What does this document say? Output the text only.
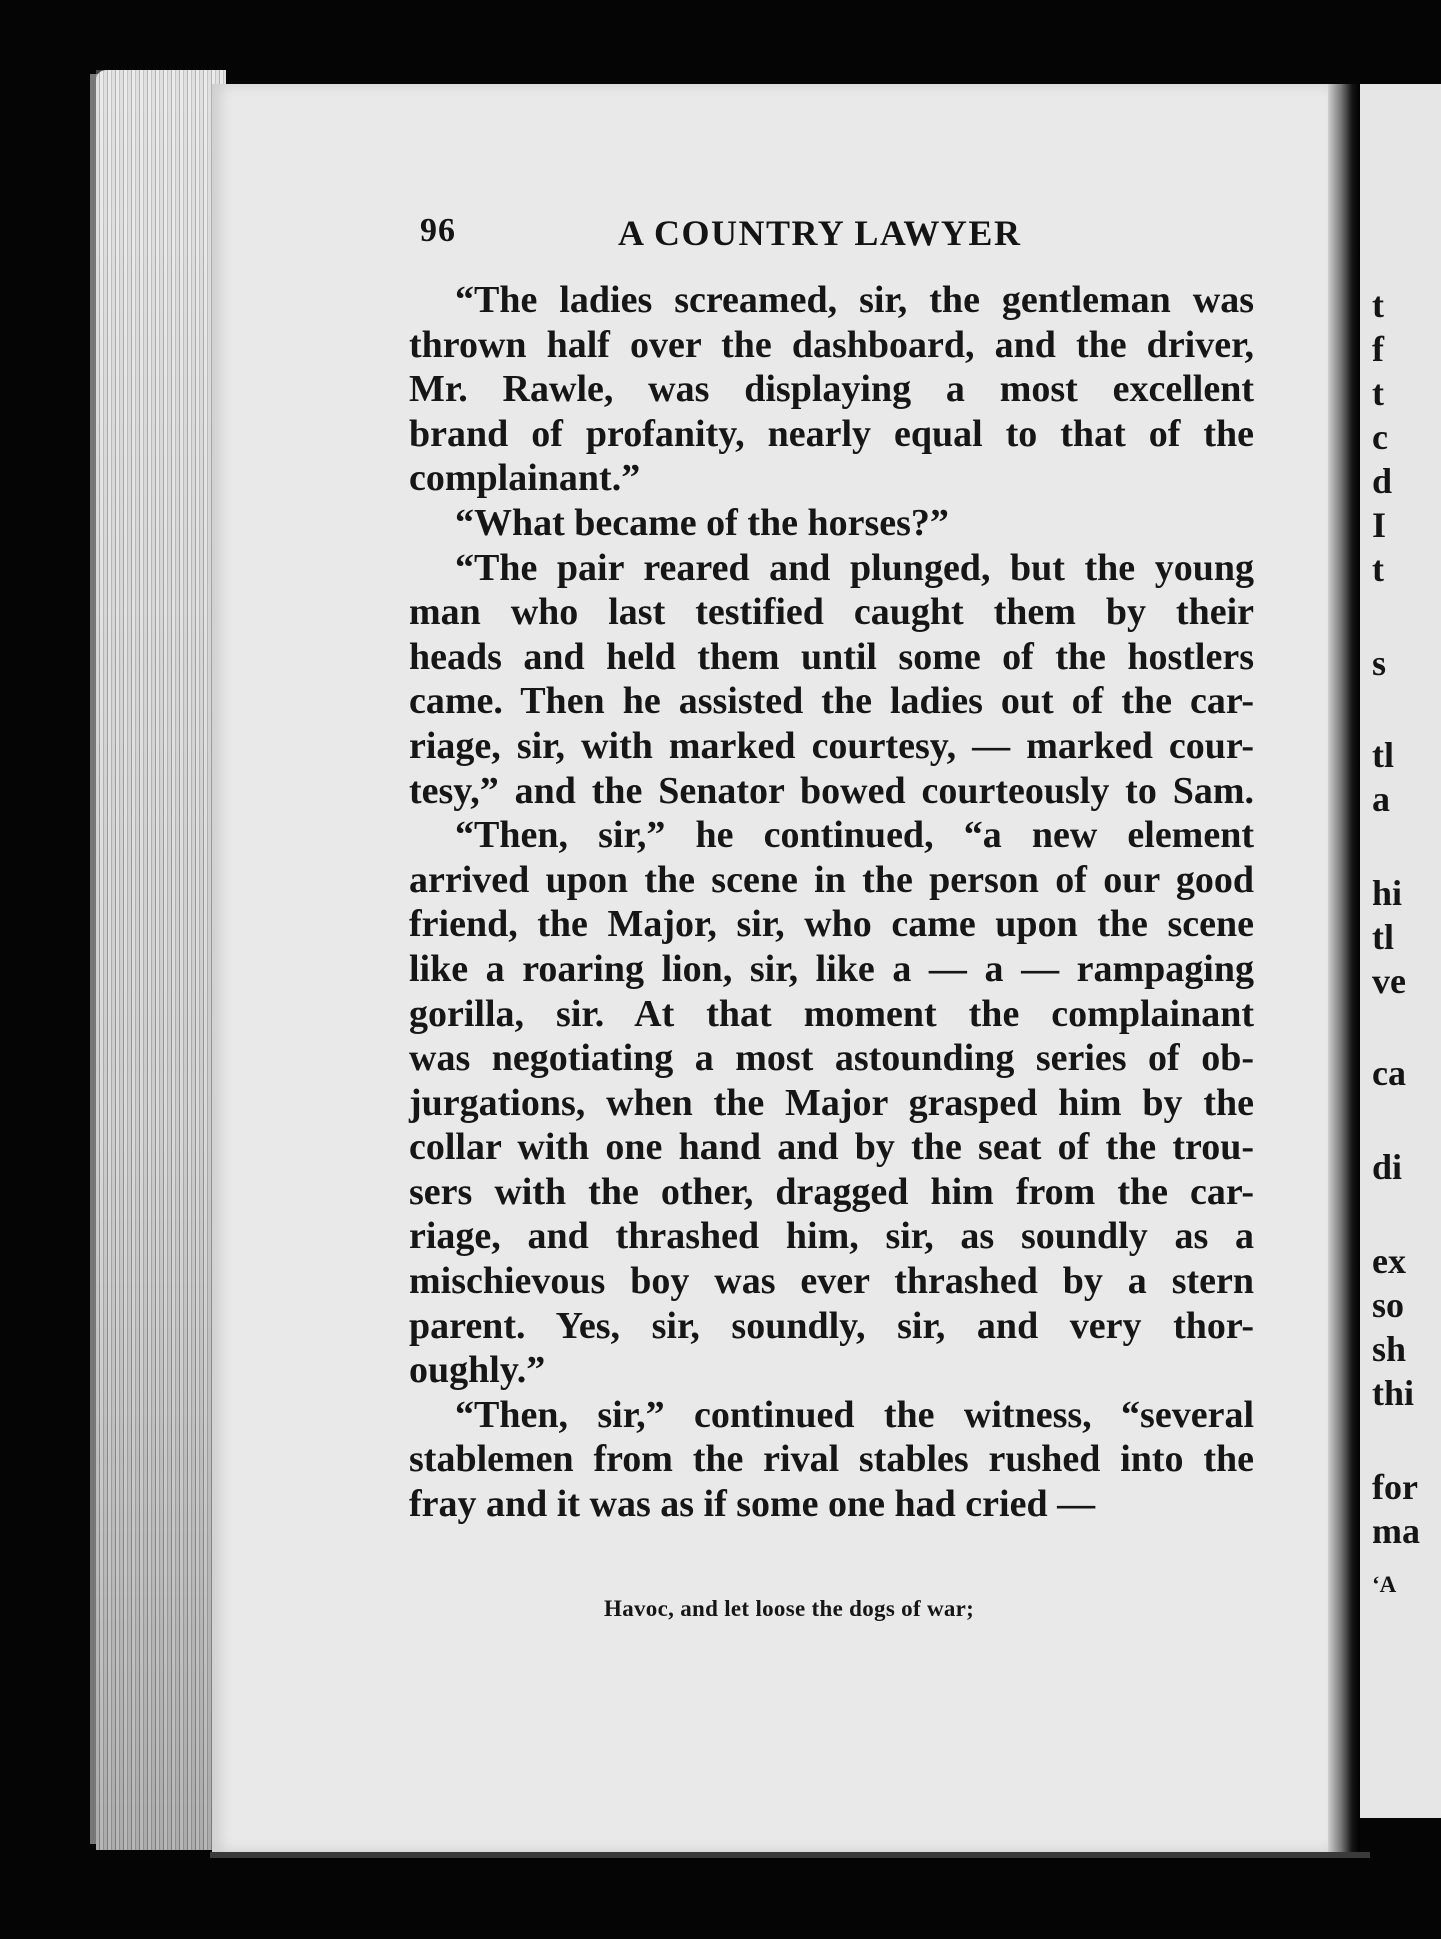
t
f
t
c
d
I
t
s
tl
a
hi
tl
ve
ca
di
ex
so
sh
thi
for
ma
‘A
96	A COUNTRY LAWYER
“The ladies screamed, sir, the gentleman was
thrown half over the dashboard, and the driver,
Mr. Rawle, was displaying a most excellent
brand of profanity, nearly equal to that of the
complainant.”
“What became of the horses?”
“The pair reared and plunged, but the young
man who last testified caught them by their
heads and held them until some of the hostlers
came. Then he assisted the ladies out of the car-
riage, sir, with marked courtesy, — marked cour-
tesy,” and the Senator bowed courteously to Sam.
“Then, sir,” he continued, “a new element
arrived upon the scene in the person of our good
friend, the Major, sir, who came upon the scene
like a roaring lion, sir, like a — a — rampaging
gorilla, sir. At that moment the complainant
was negotiating a most astounding series of ob-
jurgations, when the Major grasped him by the
collar with one hand and by the seat of the trou-
sers with the other, dragged him from the car-
riage, and thrashed him, sir, as soundly as a
mischievous boy was ever thrashed by a stern
parent. Yes, sir, soundly, sir, and very thor-
oughly.”
“Then, sir,” continued the witness, “several
stablemen from the rival stables rushed into the
fray and it was as if some one had cried —
Havoc, and let loose the dogs of war;
